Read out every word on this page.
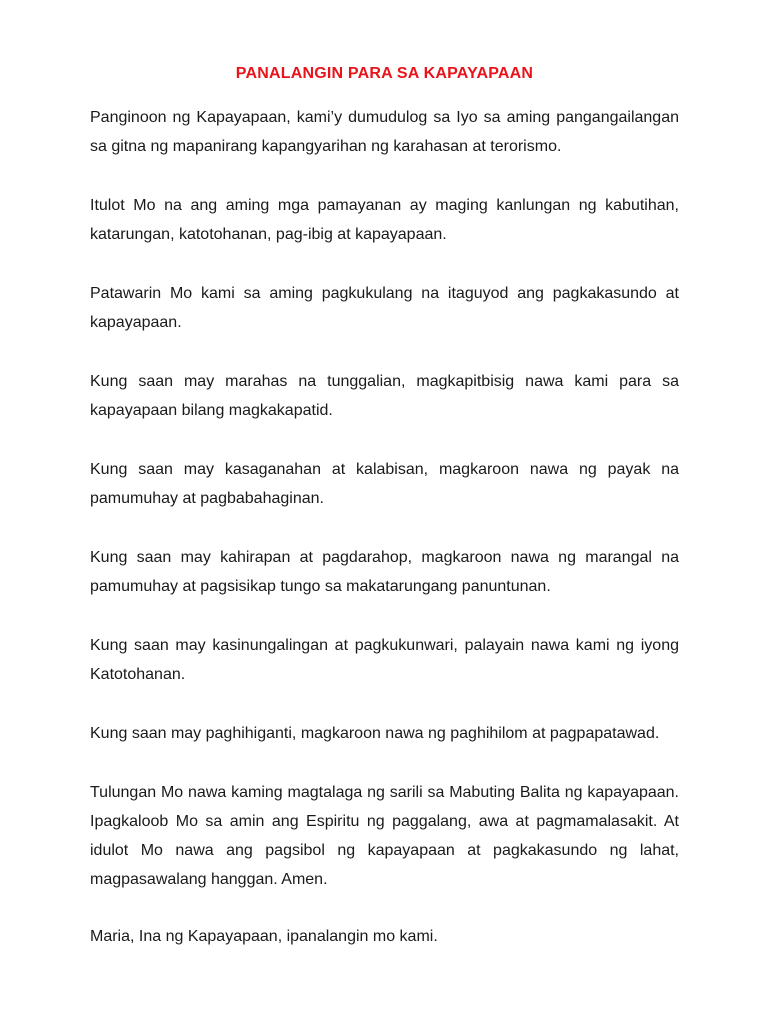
PANALANGIN PARA SA KAPAYAPAAN

Panginoon ng Kapayapaan, kami’y dumudulog sa Iyo sa aming pangangailangan sa gitna ng mapanirang kapangyarihan ng karahasan at terorismo.

Itulot Mo na ang aming mga pamayanan ay maging kanlungan ng kabutihan, katarungan, katotohanan, pag-ibig at kapayapaan.

Patawarin Mo kami sa aming pagkukulang na itaguyod ang pagkakasundo at kapayapaan.

Kung saan may marahas na tunggalian, magkapitbisig nawa kami para sa kapayapaan bilang magkakapatid.

Kung saan may kasaganahan at kalabisan, magkaroon nawa ng payak na pamumuhay at pagbabahaginan.

Kung saan may kahirapan at pagdarahop, magkaroon nawa ng marangal na pamumuhay at pagsisikap tungo sa makatarungang panuntunan.

Kung saan may kasinungalingan at pagkukunwari, palayain nawa kami ng iyong Katotohanan.

Kung saan may paghihiganti, magkaroon nawa ng paghihilom at pagpapatawad.

Tulungan Mo nawa kaming magtalaga ng sarili sa Mabuting Balita ng kapayapaan. Ipagkaloob Mo sa amin ang Espiritu ng paggalang, awa at pagmamalasakit. At idulot Mo nawa ang pagsibol ng kapayapaan at pagkakasundo ng lahat, magpasawalang hanggan. Amen.

Maria, Ina ng Kapayapaan, ipanalangin mo kami.
